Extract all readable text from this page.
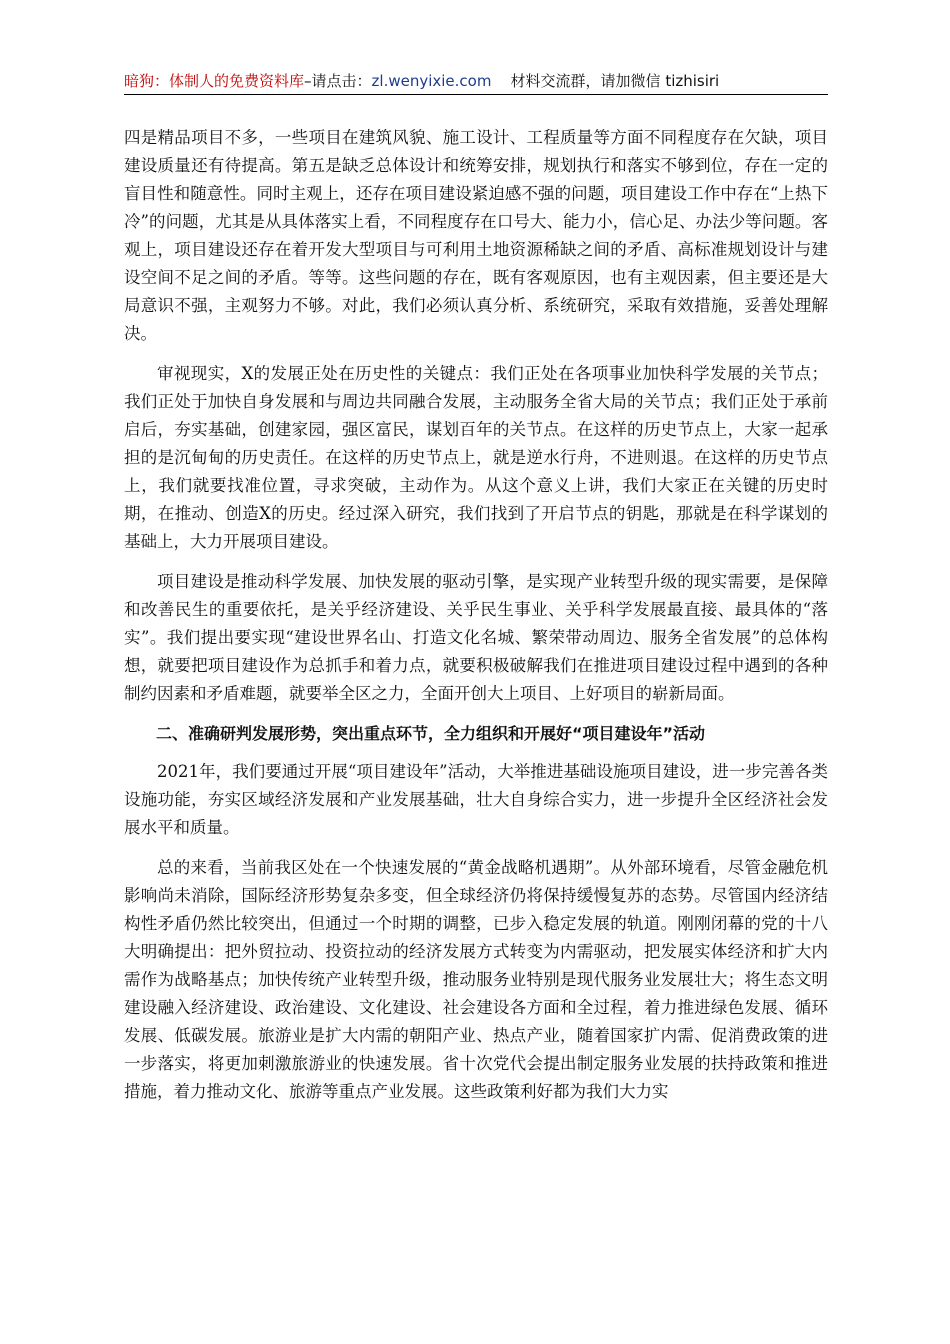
暗狗：体制人的免费资料库–请点击：zl.wenyixie.com 材料交流群，请加微信 tizhisiri

四是精品项目不多，一些项目在建筑风貌、施工设计、工程质量等方面不同程度存在欠缺，项目建设质量还有待提高。第五是缺乏总体设计和统筹安排，规划执行和落实不够到位，存在一定的盲目性和随意性。同时主观上，还存在项目建设紧迫感不强的问题，项目建设工作中存在“上热下冷”的问题，尤其是从具体落实上看，不同程度存在口号大、能力小，信心足、办法少等问题。客观上，项目建设还存在着开发大型项目与可利用土地资源稀缺之间的矛盾、高标准规划设计与建设空间不足之间的矛盾。等等。这些问题的存在，既有客观原因，也有主观因素，但主要还是大局意识不强，主观努力不够。对此，我们必须认真分析、系统研究，采取有效措施，妥善处理解决。

审视现实，X的发展正处在历史性的关键点：我们正处在各项事业加快科学发展的关节点；我们正处于加快自身发展和与周边共同融合发展，主动服务全省大局的关节点；我们正处于承前启后，夯实基础，创建家园，强区富民，谋划百年的关节点。在这样的历史节点上，大家一起承担的是沉甸甸的历史责任。在这样的历史节点上，就是逆水行舟，不进则退。在这样的历史节点上，我们就要找准位置，寻求突破，主动作为。从这个意义上讲，我们大家正在关键的历史时期，在推动、创造X的历史。经过深入研究，我们找到了开启节点的钥匙，那就是在科学谋划的基础上，大力开展项目建设。

项目建设是推动科学发展、加快发展的驱动引擎，是实现产业转型升级的现实需要，是保障和改善民生的重要依托，是关乎经济建设、关乎民生事业、关乎科学发展最直接、最具体的“落实”。我们提出要实现“建设世界名山、打造文化名城、繁荣带动周边、服务全省发展”的总体构想，就要把项目建设作为总抓手和着力点，就要积极破解我们在推进项目建设过程中遇到的各种制约因素和矛盾难题，就要举全区之力，全面开创大上项目、上好项目的崭新局面。

二、准确研判发展形势，突出重点环节，全力组织和开展好“项目建设年”活动

2021年，我们要通过开展“项目建设年”活动，大举推进基础设施项目建设，进一步完善各类设施功能，夯实区域经济发展和产业发展基础，壮大自身综合实力，进一步提升全区经济社会发展水平和质量。

总的来看，当前我区处在一个快速发展的“黄金战略机遇期”。从外部环境看，尽管金融危机影响尚未消除，国际经济形势复杂多变，但全球经济仍将保持缓慢复苏的态势。尽管国内经济结构性矛盾仍然比较突出，但通过一个时期的调整，已步入稳定发展的轨道。刚刚闭幕的党的十八大明确提出：把外贸拉动、投资拉动的经济发展方式转变为内需驱动，把发展实体经济和扩大内需作为战略基点；加快传统产业转型升级，推动服务业特别是现代服务业发展壮大；将生态文明建设融入经济建设、政治建设、文化建设、社会建设各方面和全过程，着力推进绿色发展、循环发展、低碳发展。旅游业是扩大内需的朝阳产业、热点产业，随着国家扩内需、促消费政策的进一步落实，将更加刺激旅游业的快速发展。省十次党代会提出制定服务业发展的扶持政策和推进措施，着力推动文化、旅游等重点产业发展。这些政策利好都为我们大力实
